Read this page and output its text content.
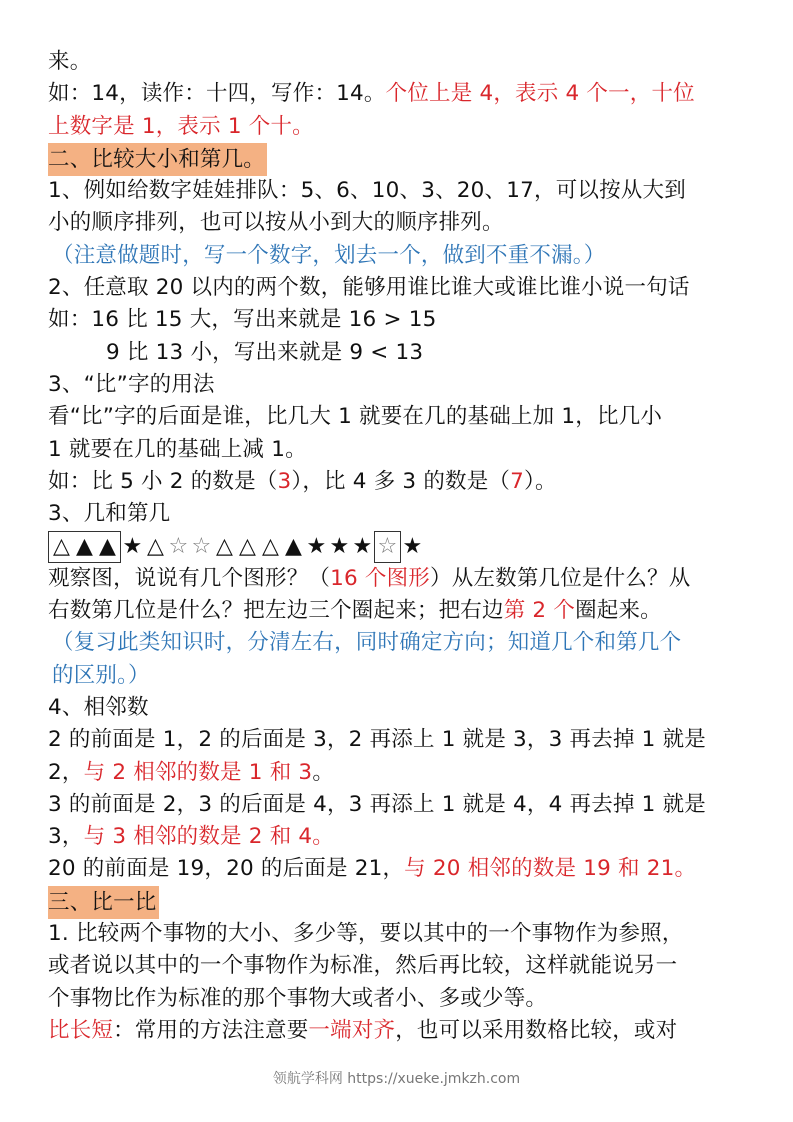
来。
如：14，读作：十四，写作：14。个位上是 4，表示 4 个一，十位
上数字是 1，表示 1 个十。
二、比较大小和第几。
1、例如给数字娃娃排队：5、6、10、3、20、17，可以按从大到
小的顺序排列，也可以按从小到大的顺序排列。
（注意做题时，写一个数字，划去一个，做到不重不漏。）
2、任意取 20 以内的两个数，能够用谁比谁大或谁比谁小说一句话
如：16 比 15 大，写出来就是 16 > 15
9 比 13 小，写出来就是 9 < 13
3、“比”字的用法
看“比”字的后面是谁，比几大 1 就要在几的基础上加 1，比几小
1 就要在几的基础上减 1。
如：比 5 小 2 的数是（3），比 4 多 3 的数是（7）。
3、几和第几
△ ▲ ▲ ★ △ ☆ ☆ △ △ △ ▲ ★ ★ ★ ☆ ★
观察图，说说有几个图形？（16 个图形）从左数第几位是什么？从
右数第几位是什么？把左边三个圈起来；把右边第 2 个圈起来。
（复习此类知识时，分清左右，同时确定方向；知道几个和第几个
的区别。）
4、相邻数
2 的前面是 1，2 的后面是 3，2 再添上 1 就是 3，3 再去掉 1 就是
2，与 2 相邻的数是 1 和 3。
3 的前面是 2，3 的后面是 4，3 再添上 1 就是 4，4 再去掉 1 就是
3，与 3 相邻的数是 2 和 4。
20 的前面是 19，20 的后面是 21，与 20 相邻的数是 19 和 21。
三、比一比
1. 比较两个事物的大小、多少等，要以其中的一个事物作为参照，
或者说以其中的一个事物作为标准，然后再比较，这样就能说另一
个事物比作为标准的那个事物大或者小、多或少等。
比长短：常用的方法注意要一端对齐，也可以采用数格比较，或对
领航学科网 https://xueke.jmkzh.com
